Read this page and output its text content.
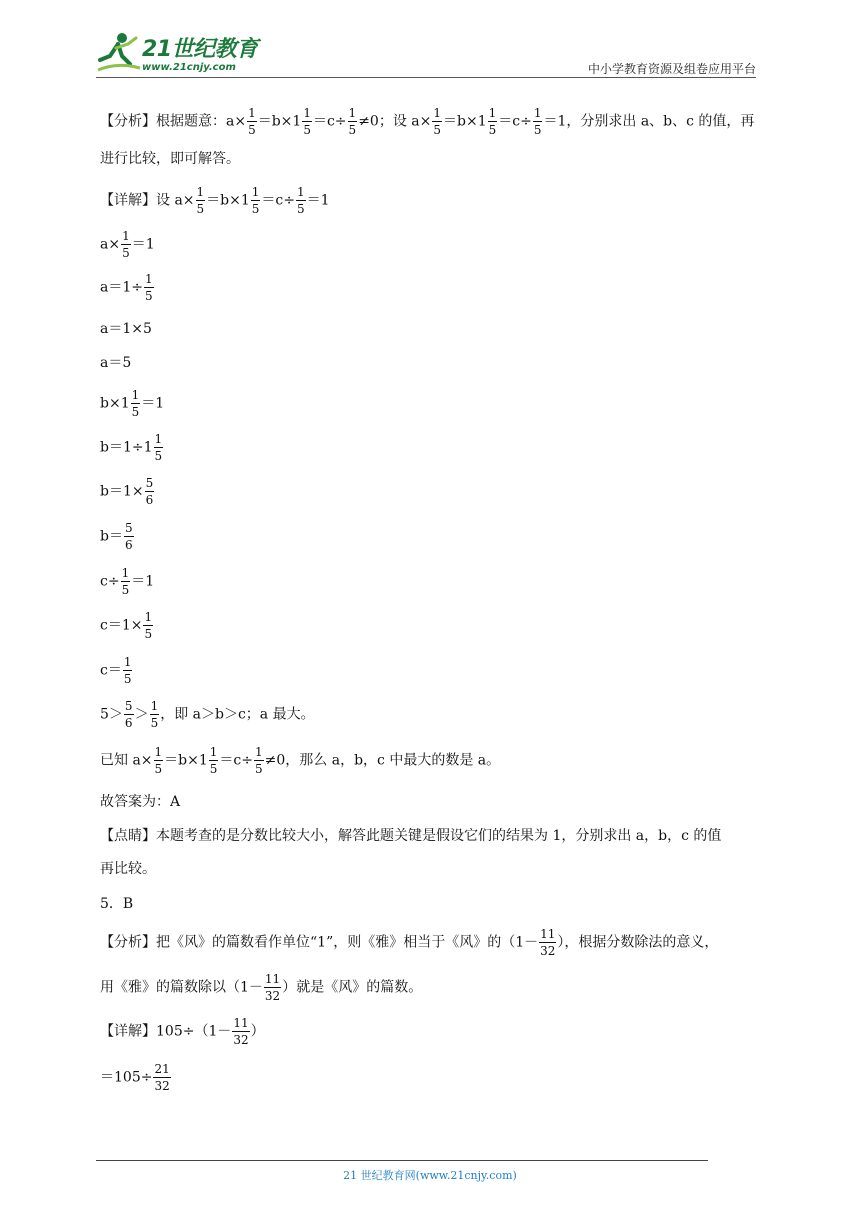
21世纪教育
www.21cnjy.com	中小学教育资源及组卷应用平台
【分析】根据题意：$a\times \frac{1}{5} =b\times 1 \frac{1}{5} =c\div \frac{1}{5} \ne 0$；设 $a\times \frac{1}{5} =b\times 1 \frac{1}{5} =c\div \frac{1}{5} =1$，分别求出 a、b、c 的值，再
进行比较，即可解答。
【详解】设 $a\times \frac{1}{5} =b\times 1 \frac{1}{5} =c\div \frac{1}{5} =1$
$a\times \frac{1}{5} =1$
$a=1\div \frac{1}{5}$
a＝1×5
a＝5
$b\times 1 \frac{1}{5} =1$
$b=1\div 1 \frac{1}{5}$
$b=1\times \frac{5}{6}$
$b= \frac{5}{6}$
$c\div \frac{1}{5} =1$
$c=1\times \frac{1}{5}$
$c= \frac{1}{5}$
$5> \frac{5}{6} > \frac{1}{5}$ ，即 a＞b＞c；a 最大。
已知 $a\times \frac{1}{5} =b\times 1 \frac{1}{5} =c\div \frac{1}{5} \ne 0$，那么 a，b，c 中最大的数是 a。
故答案为：A
【点睛】本题考查的是分数比较大小，解答此题关键是假设它们的结果为 1，分别求出 a，b，c 的值
再比较。
5．B
【分析】把《风》的篇数看作单位“1”，则《雅》相当于《风》的（$1- \frac{11}{32}$ ），根据分数除法的意义，
用《雅》的篇数除以（$1- \frac{11}{32}$ ）就是《风》的篇数。
【详解】$105\div(1- \frac{11}{32}$ ）
$=105\div \frac{21}{32}$
21 世纪教育网(www.21cnjy.com)
